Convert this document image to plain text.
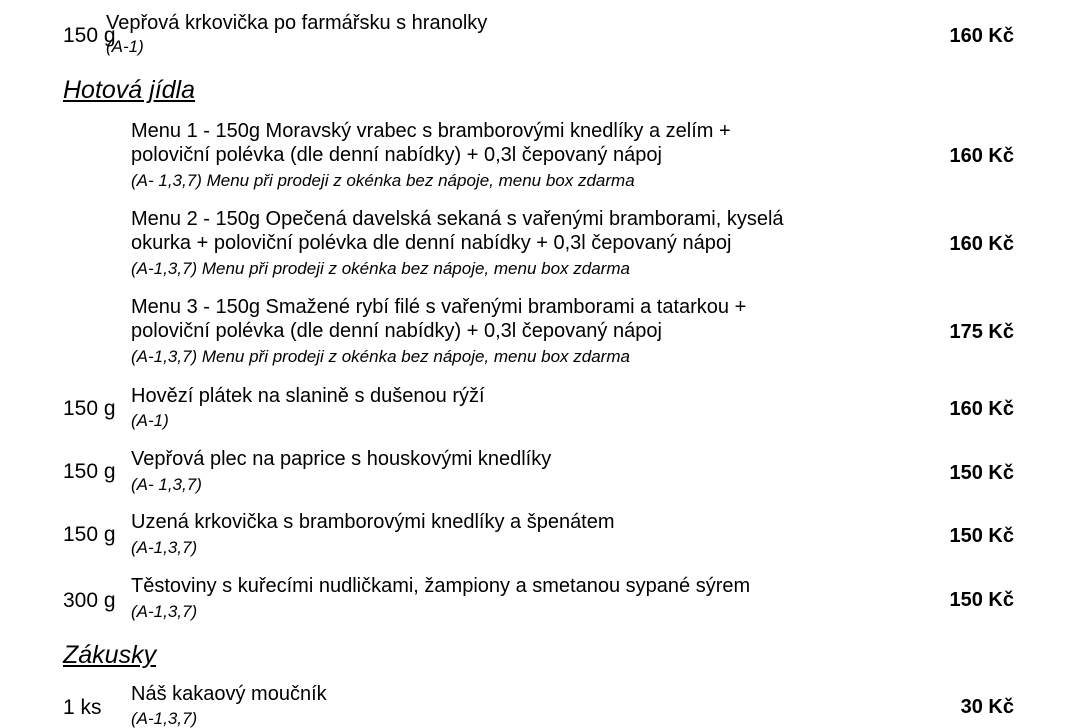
150 g
Vepřová krkovička po farmářsku s hranolky
(A-1)	160 Kč
Hotová jídla
Menu 1 - 150g Moravský vrabec s bramborovými knedlíky a zelím +
poloviční polévka (dle denní nabídky) + 0,3l čepovaný nápoj
(A- 1,3,7) Menu při prodeji z okénka bez nápoje, menu box zdarma
160 Kč
Menu 2 - 150g Opečená davelská sekaná s vařenými bramborami, kyselá
okurka + poloviční polévka dle denní nabídky + 0,3l čepovaný nápoj
(A-1,3,7) Menu při prodeji z okénka bez nápoje, menu box zdarma
160 Kč
Menu 3 - 150g Smažené rybí filé s vařenými bramborami a tatarkou +
poloviční polévka (dle denní nabídky) + 0,3l čepovaný nápoj
(A-1,3,7) Menu při prodeji z okénka bez nápoje, menu box zdarma
175 Kč
150 g
Hovězí plátek na slanině s dušenou rýží
(A-1)
160 Kč
150 g
Vepřová plec na paprice s houskovými knedlíky
(A- 1,3,7)
150 Kč
150 g
Uzená krkovička s bramborovými knedlíky a špenátem
(A-1,3,7)
150 Kč
300 g
Těstoviny s kuřecími nudličkami, žampiony a smetanou sypané sýrem
(A-1,3,7)
150 Kč
Zákusky
1 ks
Náš kakaový moučník
(A-1,3,7)
30 Kč
